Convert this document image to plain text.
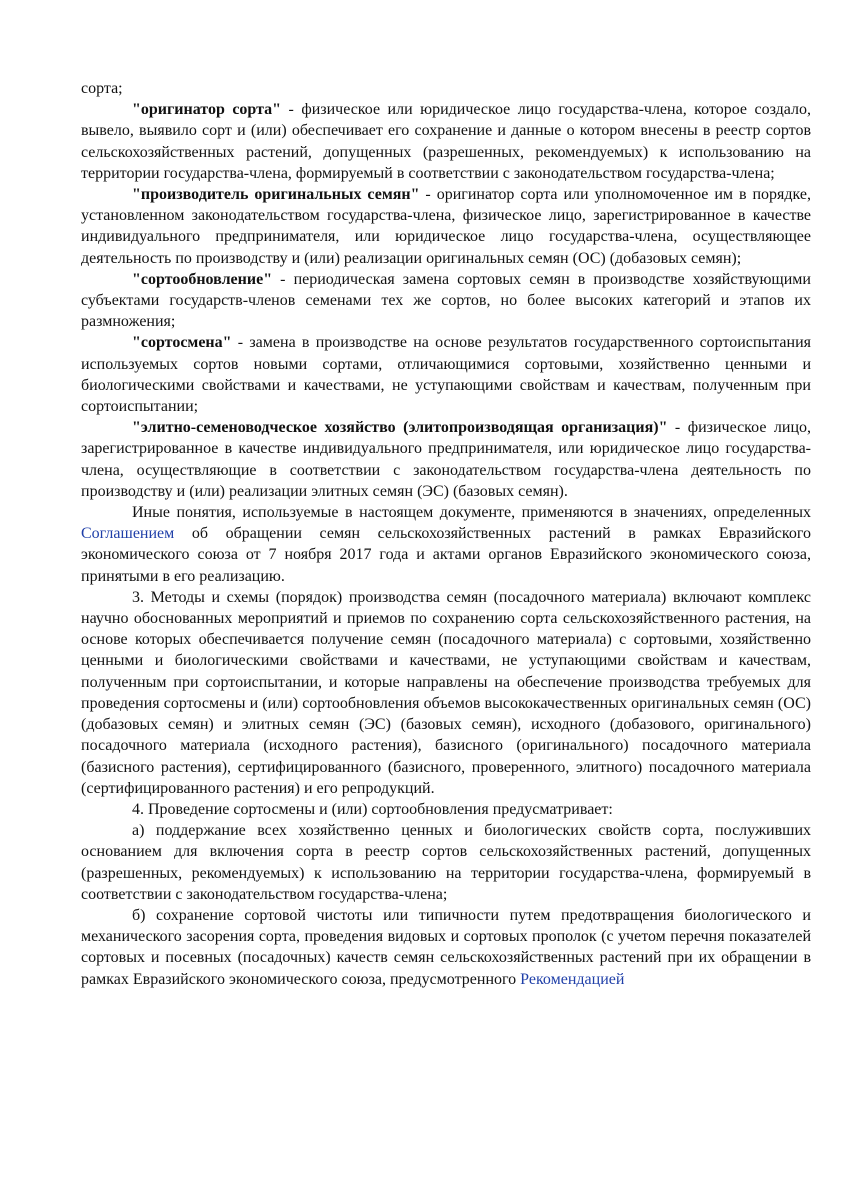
сорта;

"оригинатор сорта" - физическое или юридическое лицо государства-члена, которое создало, вывело, выявило сорт и (или) обеспечивает его сохранение и данные о котором внесены в реестр сортов сельскохозяйственных растений, допущенных (разрешенных, рекомендуемых) к использованию на территории государства-члена, формируемый в соответствии с законодательством государства-члена;

"производитель оригинальных семян" - оригинатор сорта или уполномоченное им в порядке, установленном законодательством государства-члена, физическое лицо, зарегистрированное в качестве индивидуального предпринимателя, или юридическое лицо государства-члена, осуществляющее деятельность по производству и (или) реализации оригинальных семян (ОС) (добазовых семян);

"сортообновление" - периодическая замена сортовых семян в производстве хозяйствующими субъектами государств-членов семенами тех же сортов, но более высоких категорий и этапов их размножения;

"сортосмена" - замена в производстве на основе результатов государственного сортоиспытания используемых сортов новыми сортами, отличающимися сортовыми, хозяйственно ценными и биологическими свойствами и качествами, не уступающими свойствам и качествам, полученным при сортоиспытании;

"элитно-семеноводческое хозяйство (элитопроизводящая организация)" - физическое лицо, зарегистрированное в качестве индивидуального предпринимателя, или юридическое лицо государства-члена, осуществляющие в соответствии с законодательством государства-члена деятельность по производству и (или) реализации элитных семян (ЭС) (базовых семян).

Иные понятия, используемые в настоящем документе, применяются в значениях, определенных Соглашением об обращении семян сельскохозяйственных растений в рамках Евразийского экономического союза от 7 ноября 2017 года и актами органов Евразийского экономического союза, принятыми в его реализацию.

3. Методы и схемы (порядок) производства семян (посадочного материала) включают комплекс научно обоснованных мероприятий и приемов по сохранению сорта сельскохозяйственного растения, на основе которых обеспечивается получение семян (посадочного материала) с сортовыми, хозяйственно ценными и биологическими свойствами и качествами, не уступающими свойствам и качествам, полученным при сортоиспытании, и которые направлены на обеспечение производства требуемых для проведения сортосмены и (или) сортообновления объемов высококачественных оригинальных семян (ОС) (добазовых семян) и элитных семян (ЭС) (базовых семян), исходного (добазового, оригинального) посадочного материала (исходного растения), базисного (оригинального) посадочного материала (базисного растения), сертифицированного (базисного, проверенного, элитного) посадочного материала (сертифицированного растения) и его репродукций.

4. Проведение сортосмены и (или) сортообновления предусматривает:

а) поддержание всех хозяйственно ценных и биологических свойств сорта, послуживших основанием для включения сорта в реестр сортов сельскохозяйственных растений, допущенных (разрешенных, рекомендуемых) к использованию на территории государства-члена, формируемый в соответствии с законодательством государства-члена;

б) сохранение сортовой чистоты или типичности путем предотвращения биологического и механического засорения сорта, проведения видовых и сортовых прополок (с учетом перечня показателей сортовых и посевных (посадочных) качеств семян сельскохозяйственных растений при их обращении в рамках Евразийского экономического союза, предусмотренного Рекомендацией
